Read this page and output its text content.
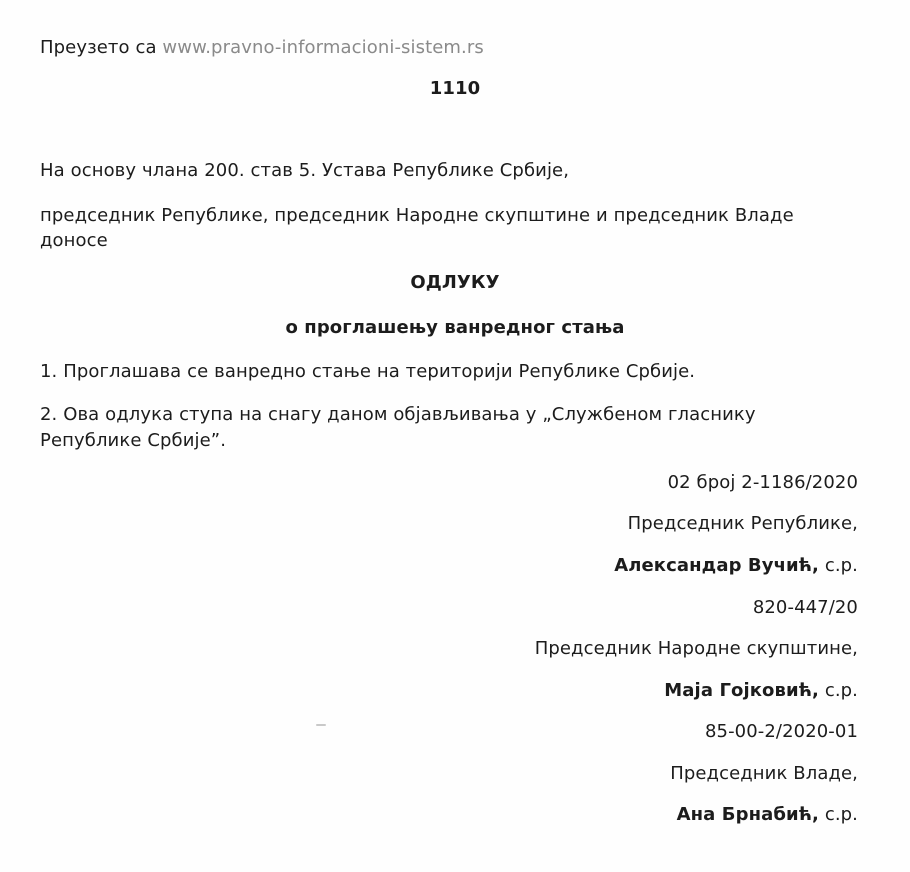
Преузето са www.pravno-informacioni-sistem.rs
1110
На основу члана 200. став 5. Устава Републике Србије,
председник Републике, председник Народне скупштине и председник Владе
доносе
ОДЛУКУ
о проглашењу ванредног стања
1. Проглашава се ванредно стање на територији Републике Србије.
2. Ова одлука ступа на снагу даном објављивања у „Службеном гласнику
Републике Србије”.
02 број 2-1186/2020
Председник Републике,
Александар Вучић, с.р.
820-447/20
Председник Народне скупштине,
Маја Гојковић, с.р.
85-00-2/2020-01
Председник Владе,
Ана Брнабић, с.р.
